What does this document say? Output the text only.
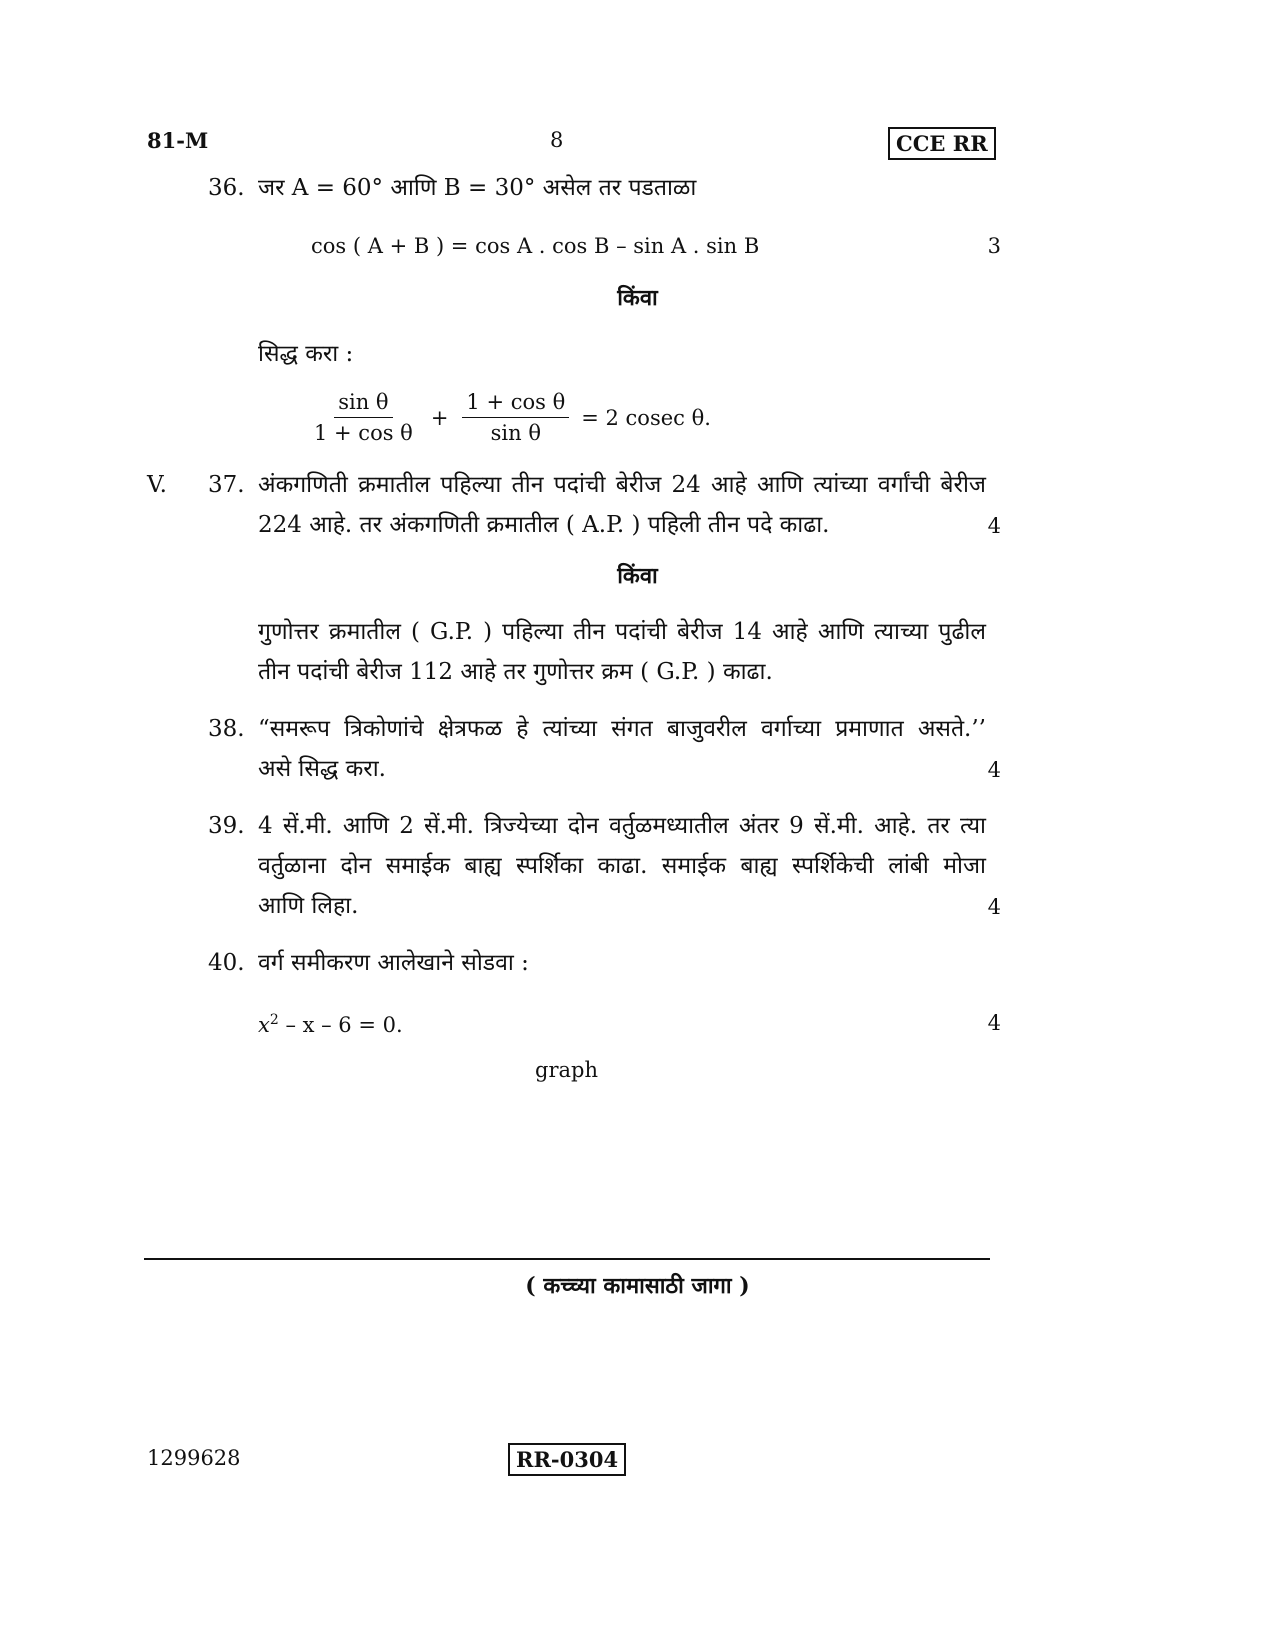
81-M	8	CCE RR
36. जर A = 60° आणि B = 30° असेल तर पडताळा
cos ( A + B ) = cos A . cos B – sin A . sin B	3
किंवा
सिद्ध करा :
$\frac{\text{sin θ}}{\text{1 + cos θ}} + \frac{\text{1 + cos θ}}{\text{sin θ}} = 2$ cosec θ.
V. 37. अंकगणिती क्रमातील पहिल्या तीन पदांची बेरीज 24 आहे आणि त्यांच्या वर्गांची बेरीज
224 आहे. तर अंकगणिती क्रमातील ( A.P. ) पहिली तीन पदे काढा.	4
किंवा
गुणोत्तर क्रमातील ( G.P. ) पहिल्या तीन पदांची बेरीज 14 आहे आणि त्याच्या पुढील
तीन पदांची बेरीज 112 आहे तर गुणोत्तर क्रम ( G.P. ) काढा.
38. “समरूप त्रिकोणांचे क्षेत्रफळ हे त्यांच्या संगत बाजुवरील वर्गाच्या प्रमाणात असते.’’
असे सिद्ध करा.	4
39. 4 सें.मी. आणि 2 सें.मी. त्रिज्येच्या दोन वर्तुळमध्यातील अंतर 9 सें.मी. आहे. तर त्या
वर्तुळाना दोन समाईक बाह्य स्पर्शिका काढा. समाईक बाह्य स्पर्शिकेची लांबी मोजा
आणि लिहा.	4
40. वर्ग समीकरण आलेखाने सोडवा :
$x^2 - x - 6 = 0$.	4
graph
( कच्च्या कामासाठी जागा )
1299628	RR-0304
